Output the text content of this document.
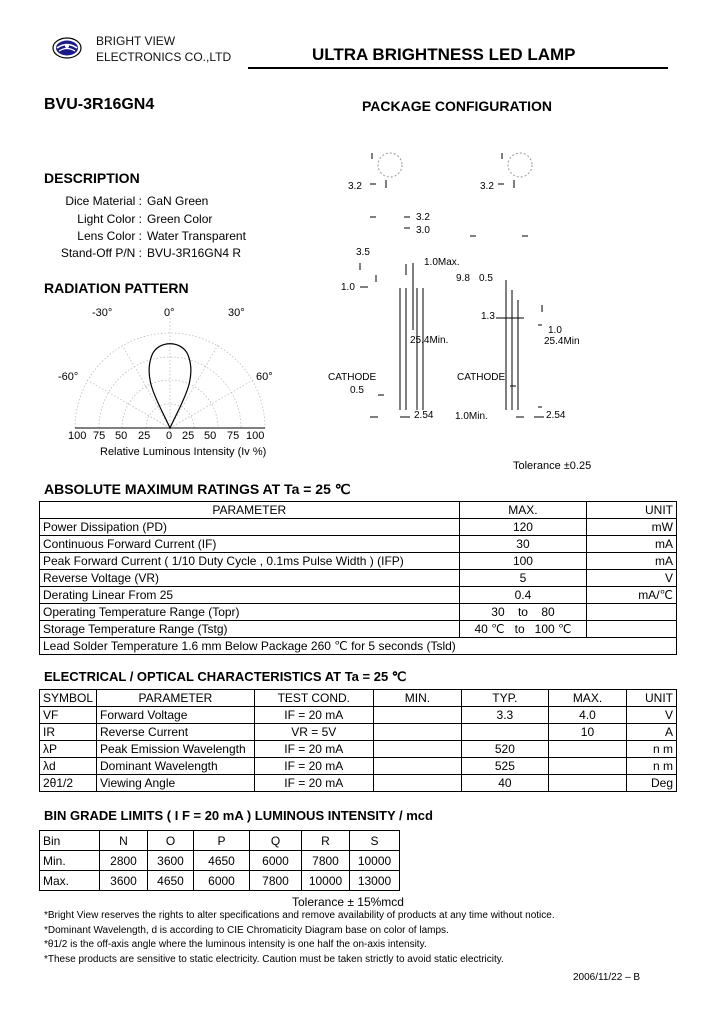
BRIGHT VIEW
ELECTRONICS CO.,LTD	ULTRA BRIGHTNESS LED LAMP
BVU-3R16GN4	PACKAGE CONFIGURATION
3.2	3.2
3.2
3.0
3.5
1.0Max.
9.8 0.5
1.0
1.3
1.0
25.4Min.	25.4Min
CATHODE	CATHODE
0.5
2.54 1.0Min.	2.54
Tolerance ±0.25
DESCRIPTION
Dice Material : GaN Green
Light Color : Green Color
Lens Color : Water Transparent
Stand-Off P/N : BVU-3R16GN4 R
RADIATION PATTERN
-30°	0°	30°
-60°	60°
100 75 50 25 0 25 50 75 100
Relative Luminous Intensity (Iv %)
ABSOLUTE MAXIMUM RATINGS AT Ta = 25 ℃
PARAMETER	MAX.	UNIT
Power Dissipation (PD)	120	mW
Continuous Forward Current (IF)	30	mA
Peak Forward Current ( 1/10 Duty Cycle , 0.1ms Pulse Width ) (IFP)	100	mA
Reverse Voltage (VR)	5	V
Derating Linear From 25	0.4	mA/℃
Operating Temperature Range (Topr)	30 to 80	
Storage Temperature Range (Tstg)	40 ℃ to 100 ℃	
Lead Solder Temperature 1.6 mm Below Package 260 ℃ for 5 seconds (Tsld)		
ELECTRICAL / OPTICAL CHARACTERISTICS AT Ta = 25 ℃
SYMBOL	PARAMETER	TEST COND.	MIN.	TYP.	MAX.	UNIT
VF	Forward Voltage	IF = 20 mA		3.3	4.0	V
IR	Reverse Current	VR = 5V			10	A
λP	Peak Emission Wavelength	IF = 20 mA		520		n m
λd	Dominant Wavelength	IF = 20 mA		525		n m
2θ1/2	Viewing Angle	IF = 20 mA		40		Deg
BIN GRADE LIMITS ( I F = 20 mA ) LUMINOUS INTENSITY / mcd
Bin	N	O	P	Q	R	S
Min.	2800	3600	4650	6000	7800	10000
Max.	3600	4650	6000	7800	10000	13000
Tolerance ± 15%mcd
*Bright View reserves the rights to alter specifications and remove availability of products at any time without notice.
*Dominant Wavelength, d is according to CIE Chromaticity Diagram base on color of lamps.
*θ1/2 is the off-axis angle where the luminous intensity is one half the on-axis intensity.
*These products are sensitive to static electricity. Caution must be taken strictly to avoid static electricity.
2006/11/22 – B
